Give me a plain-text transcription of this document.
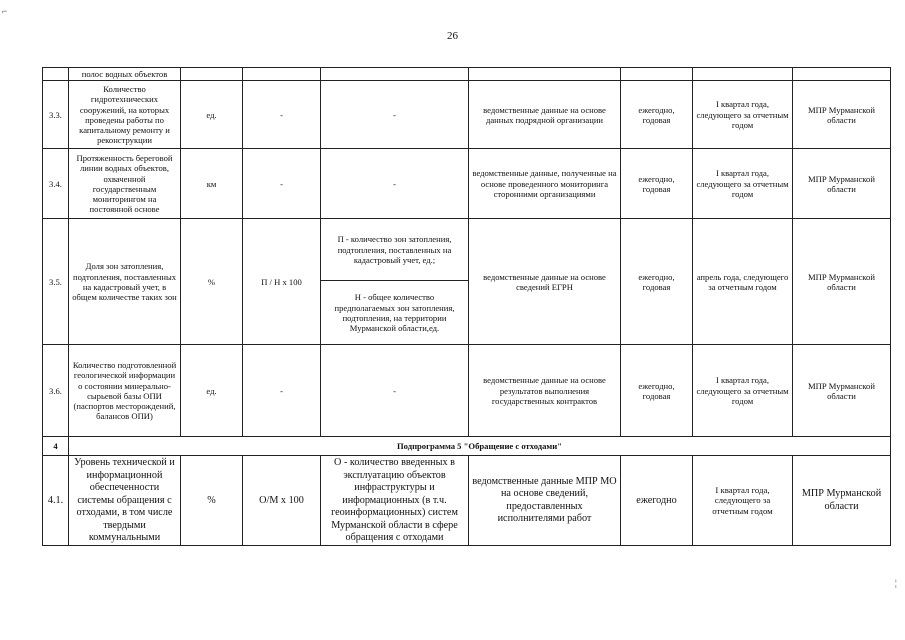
26
	полос водных объектов							
3.3.	Количество гидротехнических сооружений, на которых проведены работы по капитальному ремонту и реконструкции	ед.	-	-	ведомственные данные на основе данных подрядной организации	ежегодно, годовая	I квартал года, следующего за отчетным годом	МПР Мурманской области
3.4.	Протяженность береговой линии водных объектов, охваченной государственным мониторингом на постоянной основе	км	-	-	ведомственные данные, полученные на основе проведенного мониторинга сторонними организациями	ежегодно, годовая	I квартал года, следующего за отчетным годом	МПР Мурманской области
3.5.	Доля зон затопления, подтопления, поставленных на кадастровый учет, в общем количестве таких зон	%	П / Н х 100	П - количество зон затопления, подтопления, поставленных на кадастровый учет, ед.;	ведомственные данные на основе сведений ЕГРН	ежегодно, годовая	апрель года, следующего за отчетным годом	МПР Мурманской области
				Н - общее количество предполагаемых зон затопления, подтопления, на территории Мурманской области,ед.				
3.6.	Количество подготовленной геологической информации о состоянии минерально-сырьевой базы ОПИ (паспортов месторождений, балансов ОПИ)	ед.	-	-	ведомственные данные на основе результатов выполнения государственных контрактов	ежегодно, годовая	I квартал года, следующего за отчетным годом	МПР Мурманской области
4	Подпрограмма 5 "Обращение с отходами"							
4.1.	Уровень технической и информационной обеспеченности системы обращения с отходами, в том числе твердыми коммунальными	%	О/М х 100	О - количество введенных в эксплуатацию объектов инфраструктуры и информационных (в т.ч. геоинформационных) систем Мурманской области в сфере обращения с отходами	ведомственные данные МПР МО на основе сведений, предоставленных исполнителями работ	ежегодно	I квартал года, следующего за отчетным годом	МПР Мурманской области
⌐
¦
